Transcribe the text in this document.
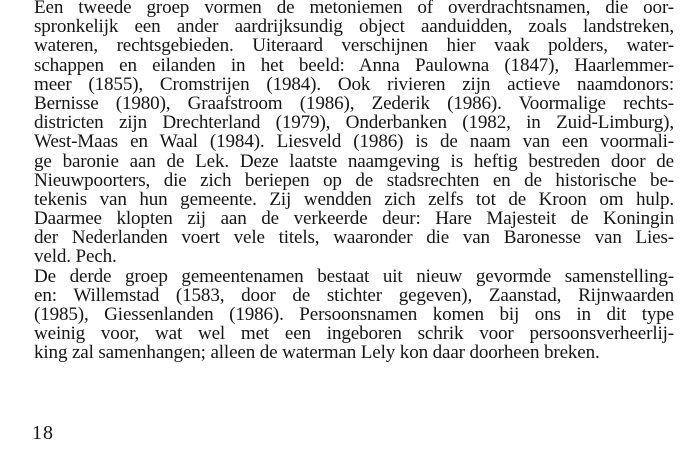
Een tweede groep vormen de metoniemen of overdrachtsnamen, die oor-
spronkelijk een ander aardrijksundig object aanduidden, zoals landstreken,
wateren, rechtsgebieden. Uiteraard verschijnen hier vaak polders, water-
schappen en eilanden in het beeld: Anna Paulowna (1847), Haarlemmer-
meer (1855), Cromstrijen (1984). Ook rivieren zijn actieve naamdonors:
Bernisse (1980), Graafstroom (1986), Zederik (1986). Voormalige rechts-
districten zijn Drechterland (1979), Onderbanken (1982, in Zuid-Limburg),
West-Maas en Waal (1984). Liesveld (1986) is de naam van een voormali-
ge baronie aan de Lek. Deze laatste naamgeving is heftig bestreden door de
Nieuwpoorters, die zich beriepen op de stadsrechten en de historische be-
tekenis van hun gemeente. Zij wendden zich zelfs tot de Kroon om hulp.
Daarmee klopten zij aan de verkeerde deur: Hare Majesteit de Koningin
der Nederlanden voert vele titels, waaronder die van Baronesse van Lies-
veld. Pech.
De derde groep gemeentenamen bestaat uit nieuw gevormde samenstelling-
en: Willemstad (1583, door de stichter gegeven), Zaanstad, Rijnwaarden
(1985), Giessenlanden (1986). Persoonsnamen komen bij ons in dit type
weinig voor, wat wel met een ingeboren schrik voor persoonsverheerlij-
king zal samenhangen; alleen de waterman Lely kon daar doorheen breken.
18
